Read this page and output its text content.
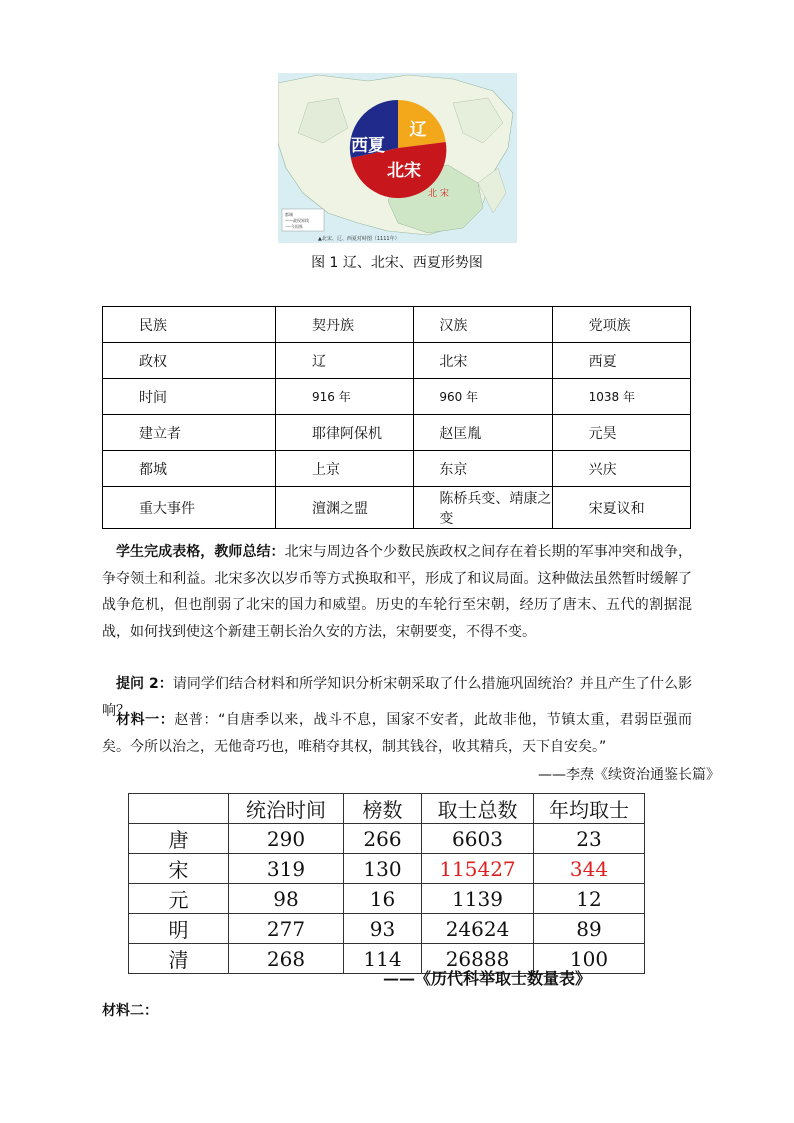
西夏
辽
北宋
北 宋
都城
——政权界线
----今国界
▲北宋、辽、西夏对峙图（1111年）
图 1 辽、北宋、西夏形势图
民族	契丹族	汉族	党项族
政权	辽	北宋	西夏
时间	916 年	960 年	1038 年
建立者	耶律阿保机	赵匡胤	元昊
都城	上京	东京	兴庆
重大事件	澶渊之盟	陈桥兵变、靖康之变	宋夏议和
学生完成表格，教师总结：北宋与周边各个少数民族政权之间存在着长期的军事冲突和战争，争夺领土和利益。北宋多次以岁币等方式换取和平，形成了和议局面。这种做法虽然暂时缓解了战争危机，但也削弱了北宋的国力和威望。历史的车轮行至宋朝，经历了唐末、五代的割据混战，如何找到使这个新建王朝长治久安的方法，宋朝要变，不得不变。
提问 2：请同学们结合材料和所学知识分析宋朝采取了什么措施巩固统治？并且产生了什么影响？
材料一：赵普：“自唐季以来，战斗不息，国家不安者，此故非他，节镇太重，君弱臣强而矣。今所以治之，无他奇巧也，唯稍夺其权，制其钱谷，收其精兵，天下自安矣。”
——李焘《续资治通鉴长篇》
	统治时间	榜数	取士总数	年均取士
唐	290	266	6603	23
宋	319	130	115427	344
元	98	16	1139	12
明	277	93	24624	89
清	268	114	26888	100
——《历代科举取士数量表》
材料二：
